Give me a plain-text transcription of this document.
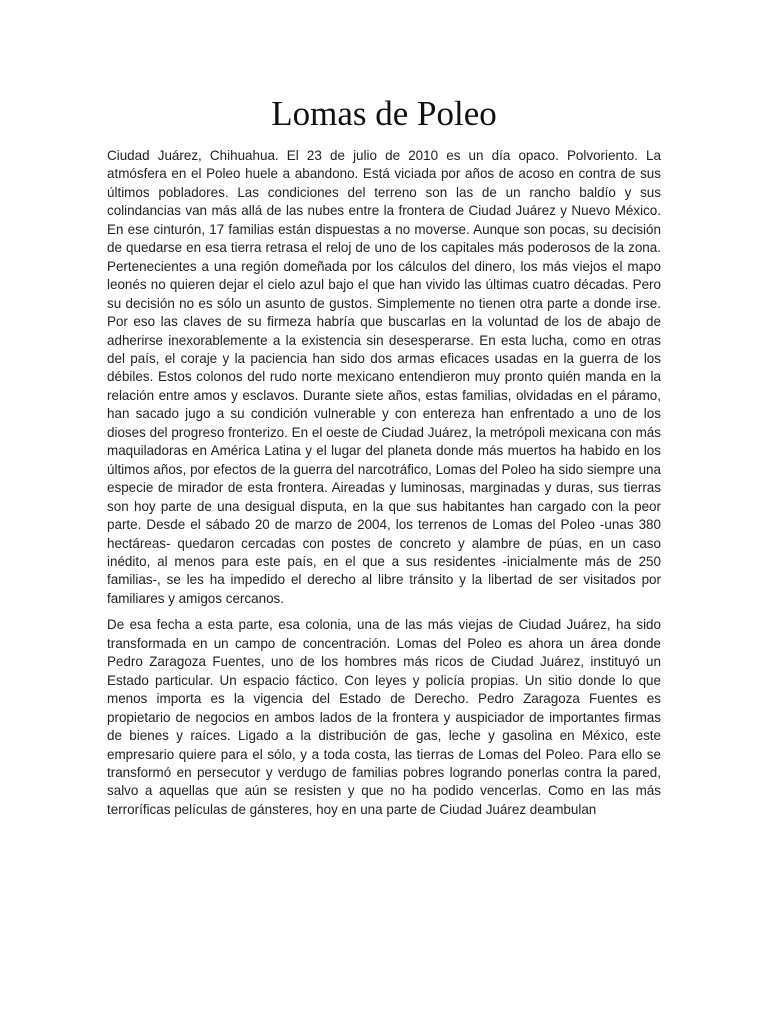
Lomas de Poleo

Ciudad Juárez, Chihuahua. El 23 de julio de 2010 es un día opaco. Polvoriento. La atmósfera en el Poleo huele a abandono. Está viciada por años de acoso en contra de sus últimos pobladores. Las condiciones del terreno son las de un rancho baldío y sus colindancias van más allá de las nubes entre la frontera de Ciudad Juárez y Nuevo México. En ese cinturón, 17 familias están dispuestas a no moverse. Aunque son pocas, su decisión de quedarse en esa tierra retrasa el reloj de uno de los capitales más poderosos de la zona. Pertenecientes a una región domeñada por los cálculos del dinero, los más viejos el mapo leonés no quieren dejar el cielo azul bajo el que han vivido las últimas cuatro décadas. Pero su decisión no es sólo un asunto de gustos. Simplemente no tienen otra parte a donde irse. Por eso las claves de su firmeza habría que buscarlas en la voluntad de los de abajo de adherirse inexorablemente a la existencia sin desesperarse. En esta lucha, como en otras del país, el coraje y la paciencia han sido dos armas eficaces usadas en la guerra de los débiles. Estos colonos del rudo norte mexicano entendieron muy pronto quién manda en la relación entre amos y esclavos. Durante siete años, estas familias, olvidadas en el páramo, han sacado jugo a su condición vulnerable y con entereza han enfrentado a uno de los dioses del progreso fronterizo. En el oeste de Ciudad Juárez, la metrópoli mexicana con más maquiladoras en América Latina y el lugar del planeta donde más muertos ha habido en los últimos años, por efectos de la guerra del narcotráfico, Lomas del Poleo ha sido siempre una especie de mirador de esta frontera. Aireadas y luminosas, marginadas y duras, sus tierras son hoy parte de una desigual disputa, en la que sus habitantes han cargado con la peor parte. Desde el sábado 20 de marzo de 2004, los terrenos de Lomas del Poleo -unas 380 hectáreas- quedaron cercadas con postes de concreto y alambre de púas, en un caso inédito, al menos para este país, en el que a sus residentes -inicialmente más de 250 familias-, se les ha impedido el derecho al libre tránsito y la libertad de ser visitados por familiares y amigos cercanos.

De esa fecha a esta parte, esa colonia, una de las más viejas de Ciudad Juárez, ha sido transformada en un campo de concentración. Lomas del Poleo es ahora un área donde Pedro Zaragoza Fuentes, uno de los hombres más ricos de Ciudad Juárez, instituyó un Estado particular. Un espacio fáctico. Con leyes y policía propias. Un sitio donde lo que menos importa es la vigencia del Estado de Derecho. Pedro Zaragoza Fuentes es propietario de negocios en ambos lados de la frontera y auspiciador de importantes firmas de bienes y raíces. Ligado a la distribución de gas, leche y gasolina en México, este empresario quiere para el sólo, y a toda costa, las tierras de Lomas del Poleo. Para ello se transformó en persecutor y verdugo de familias pobres logrando ponerlas contra la pared, salvo a aquellas que aún se resisten y que no ha podido vencerlas. Como en las más terroríficas películas de gánsteres, hoy en una parte de Ciudad Juárez deambulan
